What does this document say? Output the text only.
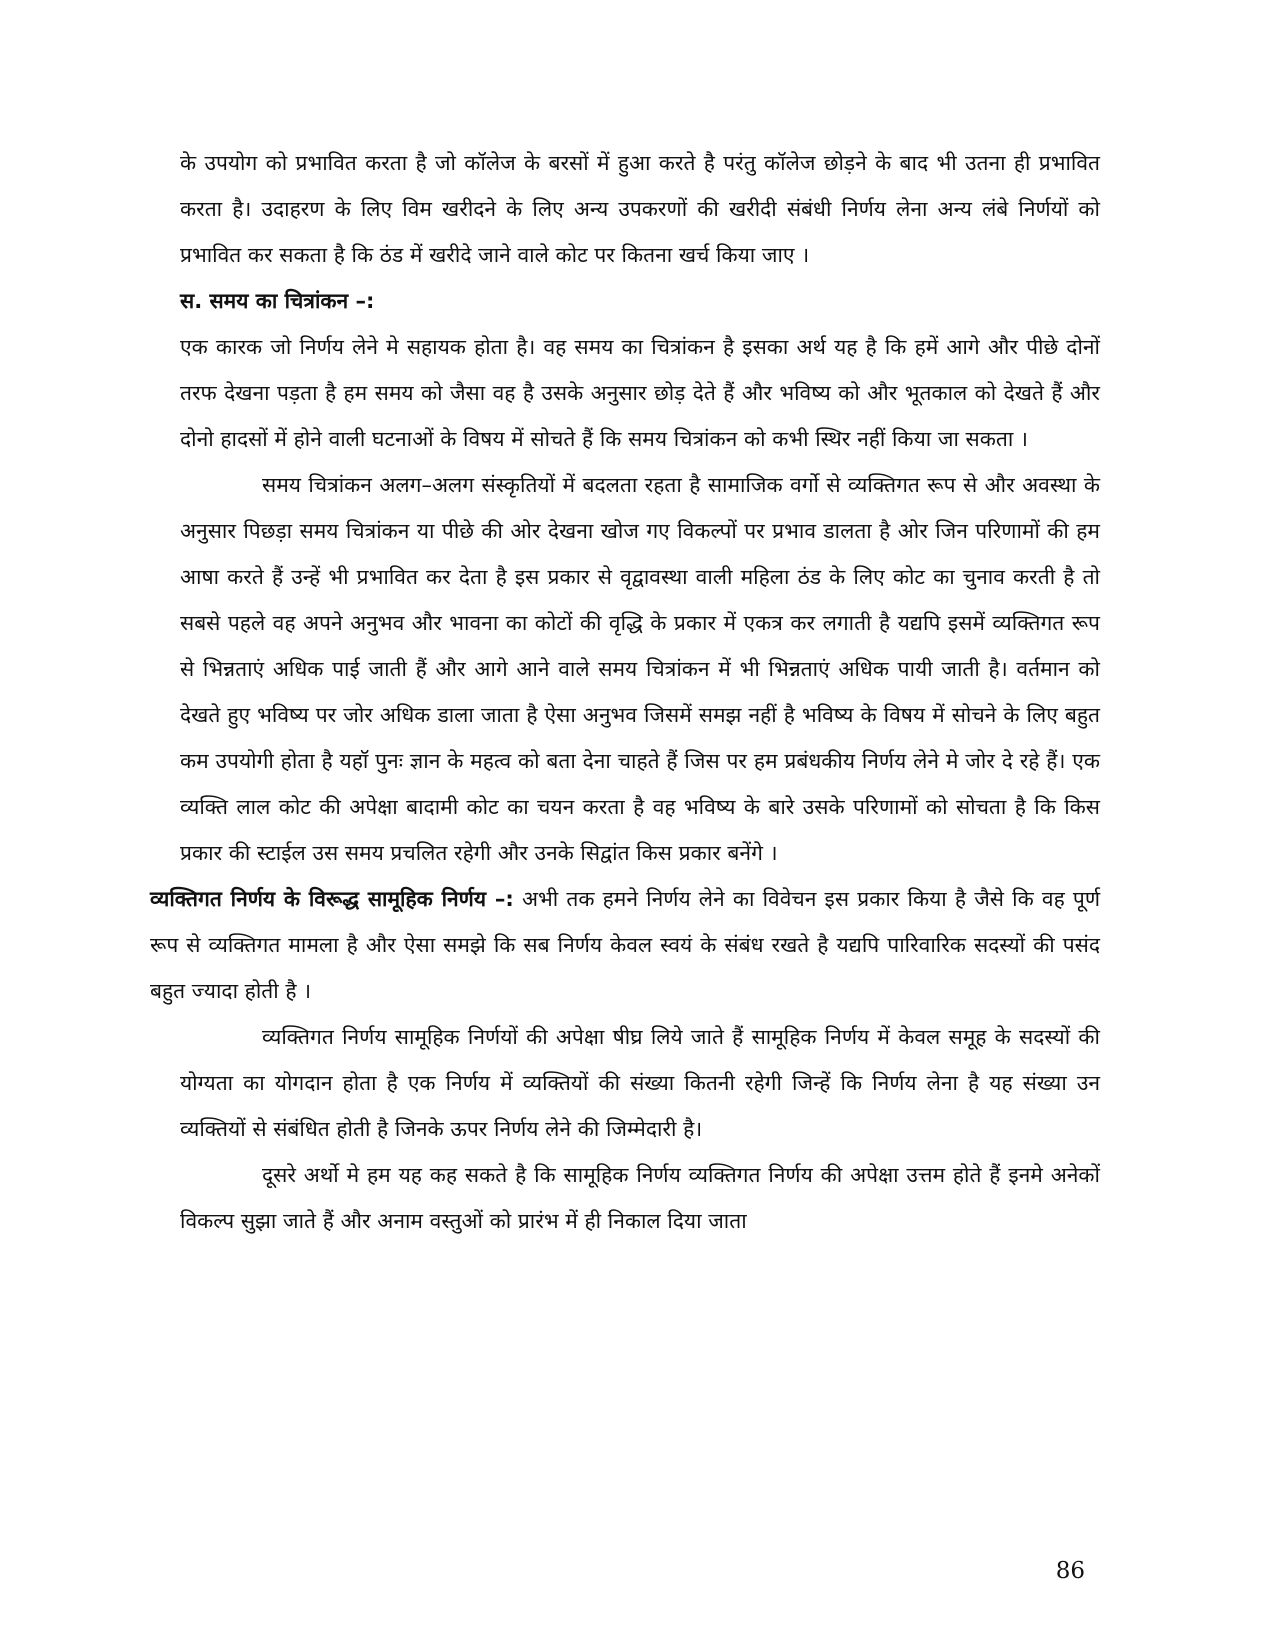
के उपयोग को प्रभावित करता है जो कॉलेज के बरसों में हुआ करते है परंतु कॉलेज छोड़ने के बाद भी उतना ही प्रभावित करता है। उदाहरण के लिए विम खरीदने के लिए अन्य उपकरणों की खरीदी संबंधी निर्णय लेना अन्य लंबे निर्णयों को प्रभावित कर सकता है कि ठंड में खरीदे जाने वाले कोट पर कितना खर्च किया जाए ।

स. समय का चित्रांकन –:

एक कारक जो निर्णय लेने मे सहायक होता है। वह समय का चित्रांकन है इसका अर्थ यह है कि हमें आगे और पीछे दोनों तरफ देखना पड़ता है हम समय को जैसा वह है उसके अनुसार छोड़ देते हैं और भविष्य को और भूतकाल को देखते हैं और दोनो हादसों में होने वाली घटनाओं के विषय में सोचते हैं कि समय चित्रांकन को कभी स्थिर नहीं किया जा सकता ।

समय चित्रांकन अलग–अलग संस्कृतियों में बदलता रहता है सामाजिक वर्गो से व्यक्तिगत रूप से और अवस्था के अनुसार पिछड़ा समय चित्रांकन या पीछे की ओर देखना खोज गए विकल्पों पर प्रभाव डालता है ओर जिन परिणामों की हम आषा करते हैं उन्हें भी प्रभावित कर देता है इस प्रकार से वृद्वावस्था वाली महिला ठंड के लिए कोट का चुनाव करती है तो सबसे पहले वह अपने अनुभव और भावना का कोटों की वृद्धि के प्रकार में एकत्र कर लगाती है यद्यपि इसमें व्यक्तिगत रूप से भिन्नताएं अधिक पाई जाती हैं और आगे आने वाले समय चित्रांकन में भी भिन्नताएं अधिक पायी जाती है। वर्तमान को देखते हुए भविष्य पर जोर अधिक डाला जाता है ऐसा अनुभव जिसमें समझ नहीं है भविष्य के विषय में सोचने के लिए बहुत कम उपयोगी होता है यहॉ पुनः ज्ञान के महत्व को बता देना चाहते हैं जिस पर हम प्रबंधकीय निर्णय लेने मे जोर दे रहे हैं। एक व्यक्ति लाल कोट की अपेक्षा बादामी कोट का चयन करता है वह भविष्य के बारे उसके परिणामों को सोचता है कि किस प्रकार की स्टाईल उस समय प्रचलित रहेगी और उनके सिद्वांत किस प्रकार बनेंगे ।

व्यक्तिगत निर्णय के विरूद्ध सामूहिक निर्णय –: अभी तक हमने निर्णय लेने का विवेचन इस प्रकार किया है जैसे कि वह पूर्ण रूप से व्यक्तिगत मामला है और ऐसा समझे कि सब निर्णय केवल स्वयं के संबंध रखते है यद्यपि पारिवारिक सदस्यों की पसंद बहुत ज्यादा होती है ।

व्यक्तिगत निर्णय सामूहिक निर्णयों की अपेक्षा षीघ्र लिये जाते हैं सामूहिक निर्णय में केवल समूह के सदस्यों की योग्यता का योगदान होता है एक निर्णय में व्यक्तियों की संख्या कितनी रहेगी जिन्हें कि निर्णय लेना है यह संख्या उन व्यक्तियों से संबंधित होती है जिनके ऊपर निर्णय लेने की जिम्मेदारी है।

दूसरे अर्थो मे हम यह कह सकते है कि सामूहिक निर्णय व्यक्तिगत निर्णय की अपेक्षा उत्तम होते हैं इनमे अनेकों विकल्प सुझा जाते हैं और अनाम वस्तुओं को प्रारंभ में ही निकाल दिया जाता

86
